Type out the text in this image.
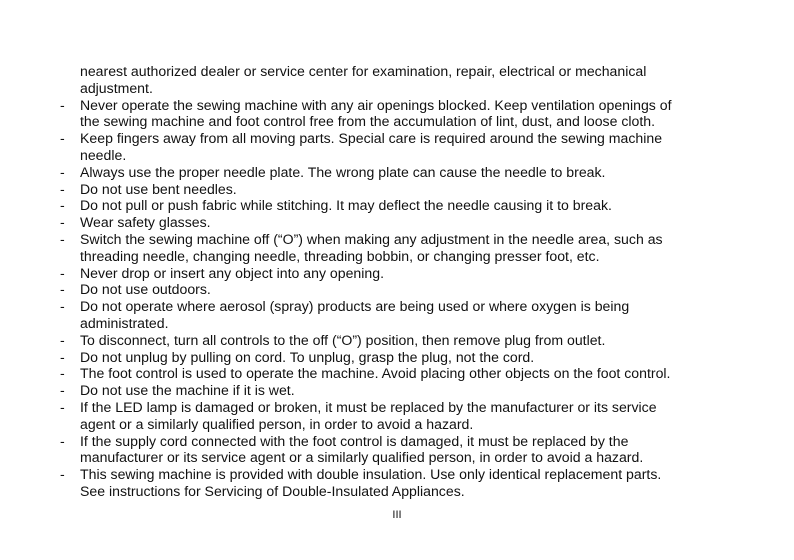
nearest authorized dealer or service center for examination, repair, electrical or mechanical
adjustment.
-	Never operate the sewing machine with any air openings blocked. Keep ventilation openings of
the sewing machine and foot control free from the accumulation of lint, dust, and loose cloth.
-	Keep fingers away from all moving parts. Special care is required around the sewing machine
needle.
-	Always use the proper needle plate. The wrong plate can cause the needle to break.
-	Do not use bent needles.
-	Do not pull or push fabric while stitching. It may deflect the needle causing it to break.
-	Wear safety glasses.
-	Switch the sewing machine off (“O”) when making any adjustment in the needle area, such as
threading needle, changing needle, threading bobbin, or changing presser foot, etc.
-	Never drop or insert any object into any opening.
-	Do not use outdoors.
-	Do not operate where aerosol (spray) products are being used or where oxygen is being
administrated.
-	To disconnect, turn all controls to the off (“O”) position, then remove plug from outlet.
-	Do not unplug by pulling on cord. To unplug, grasp the plug, not the cord.
-	The foot control is used to operate the machine. Avoid placing other objects on the foot control.
-	Do not use the machine if it is wet.
-	If the LED lamp is damaged or broken, it must be replaced by the manufacturer or its service
agent or a similarly qualified person, in order to avoid a hazard.
-	If the supply cord connected with the foot control is damaged, it must be replaced by the
manufacturer or its service agent or a similarly qualified person, in order to avoid a hazard.
-	This sewing machine is provided with double insulation. Use only identical replacement parts.
See instructions for Servicing of Double-Insulated Appliances.
III
